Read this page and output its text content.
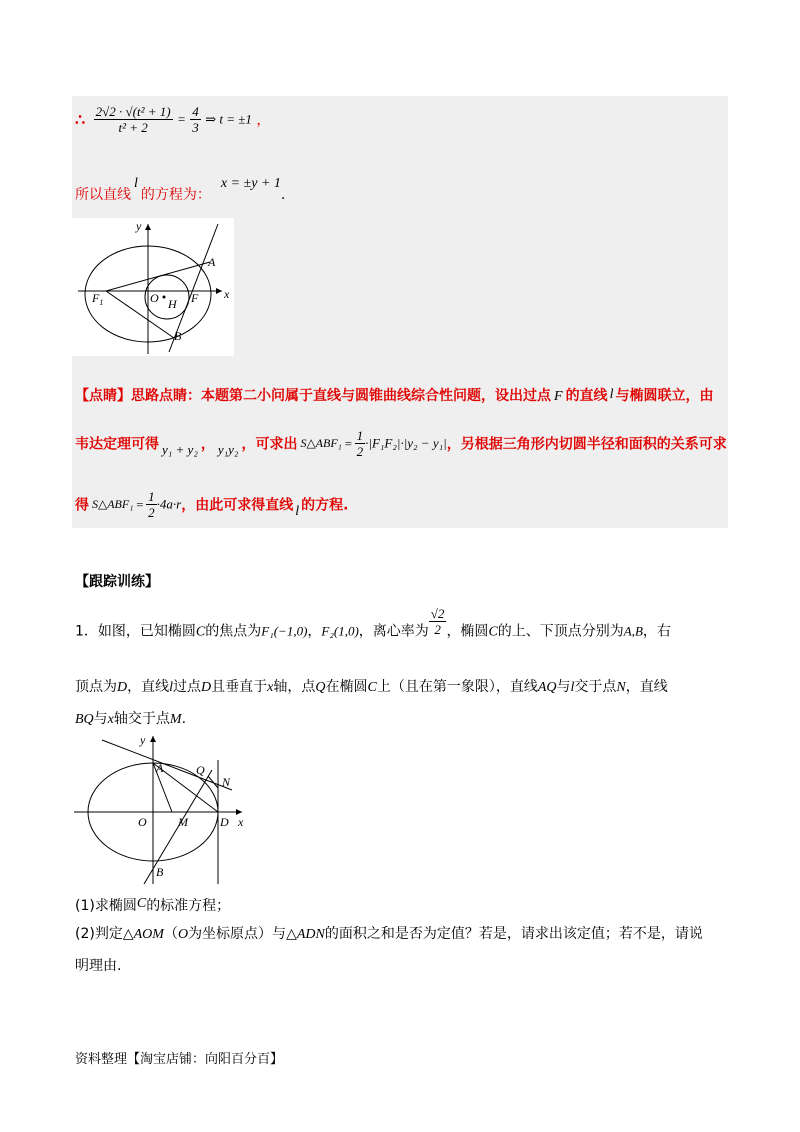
∴ $\frac{\text{2√2 · √(t² + 1)}}{\text{t² + 2}} = \frac{4}{3}$ ⇒ t = ±1 ，
所以直线l的方程为：x = ±y + 1.
y
x
A
B
$F_1$	O H F
【点睛】思路点睛：本题第二小问属于直线与圆锥曲线综合性问题，设出过点 F 的直线 l 与椭圆联立，由
韦达定理可得 y₁ + y₂ ， y₁y₂ ，可求出 S△ABF₁ = $\frac{1}{2} \cdot|F_1F_2|\cdot|y_2 - y_1|$，另根据三角形内切圆半径和面积的关系可求
得 S△ABF₁ = $\frac{1}{2} \cdot 4a\cdot r$，由此可求得直线 l 的方程.
【跟踪训练】
1．如图，已知椭圆C的焦点为F₁(−1,0)，F₂(1,0)，离心率为 $\frac{√2}{2}$ ，椭圆C的上、下顶点分别为A,B，右
顶点为D，直线l过点D且垂直于x轴，点Q在椭圆C上（且在第一象限），直线AQ与l交于点N，直线
BQ与x轴交于点M.
y
x
A	Q
N
O	M	D
B
(1)求椭圆C的标准方程；
(2)判定△AOM（O为坐标原点）与△ADN的面积之和是否为定值？若是，请求出该定值；若不是，请说
明理由.
资料整理【淘宝店铺：向阳百分百】
